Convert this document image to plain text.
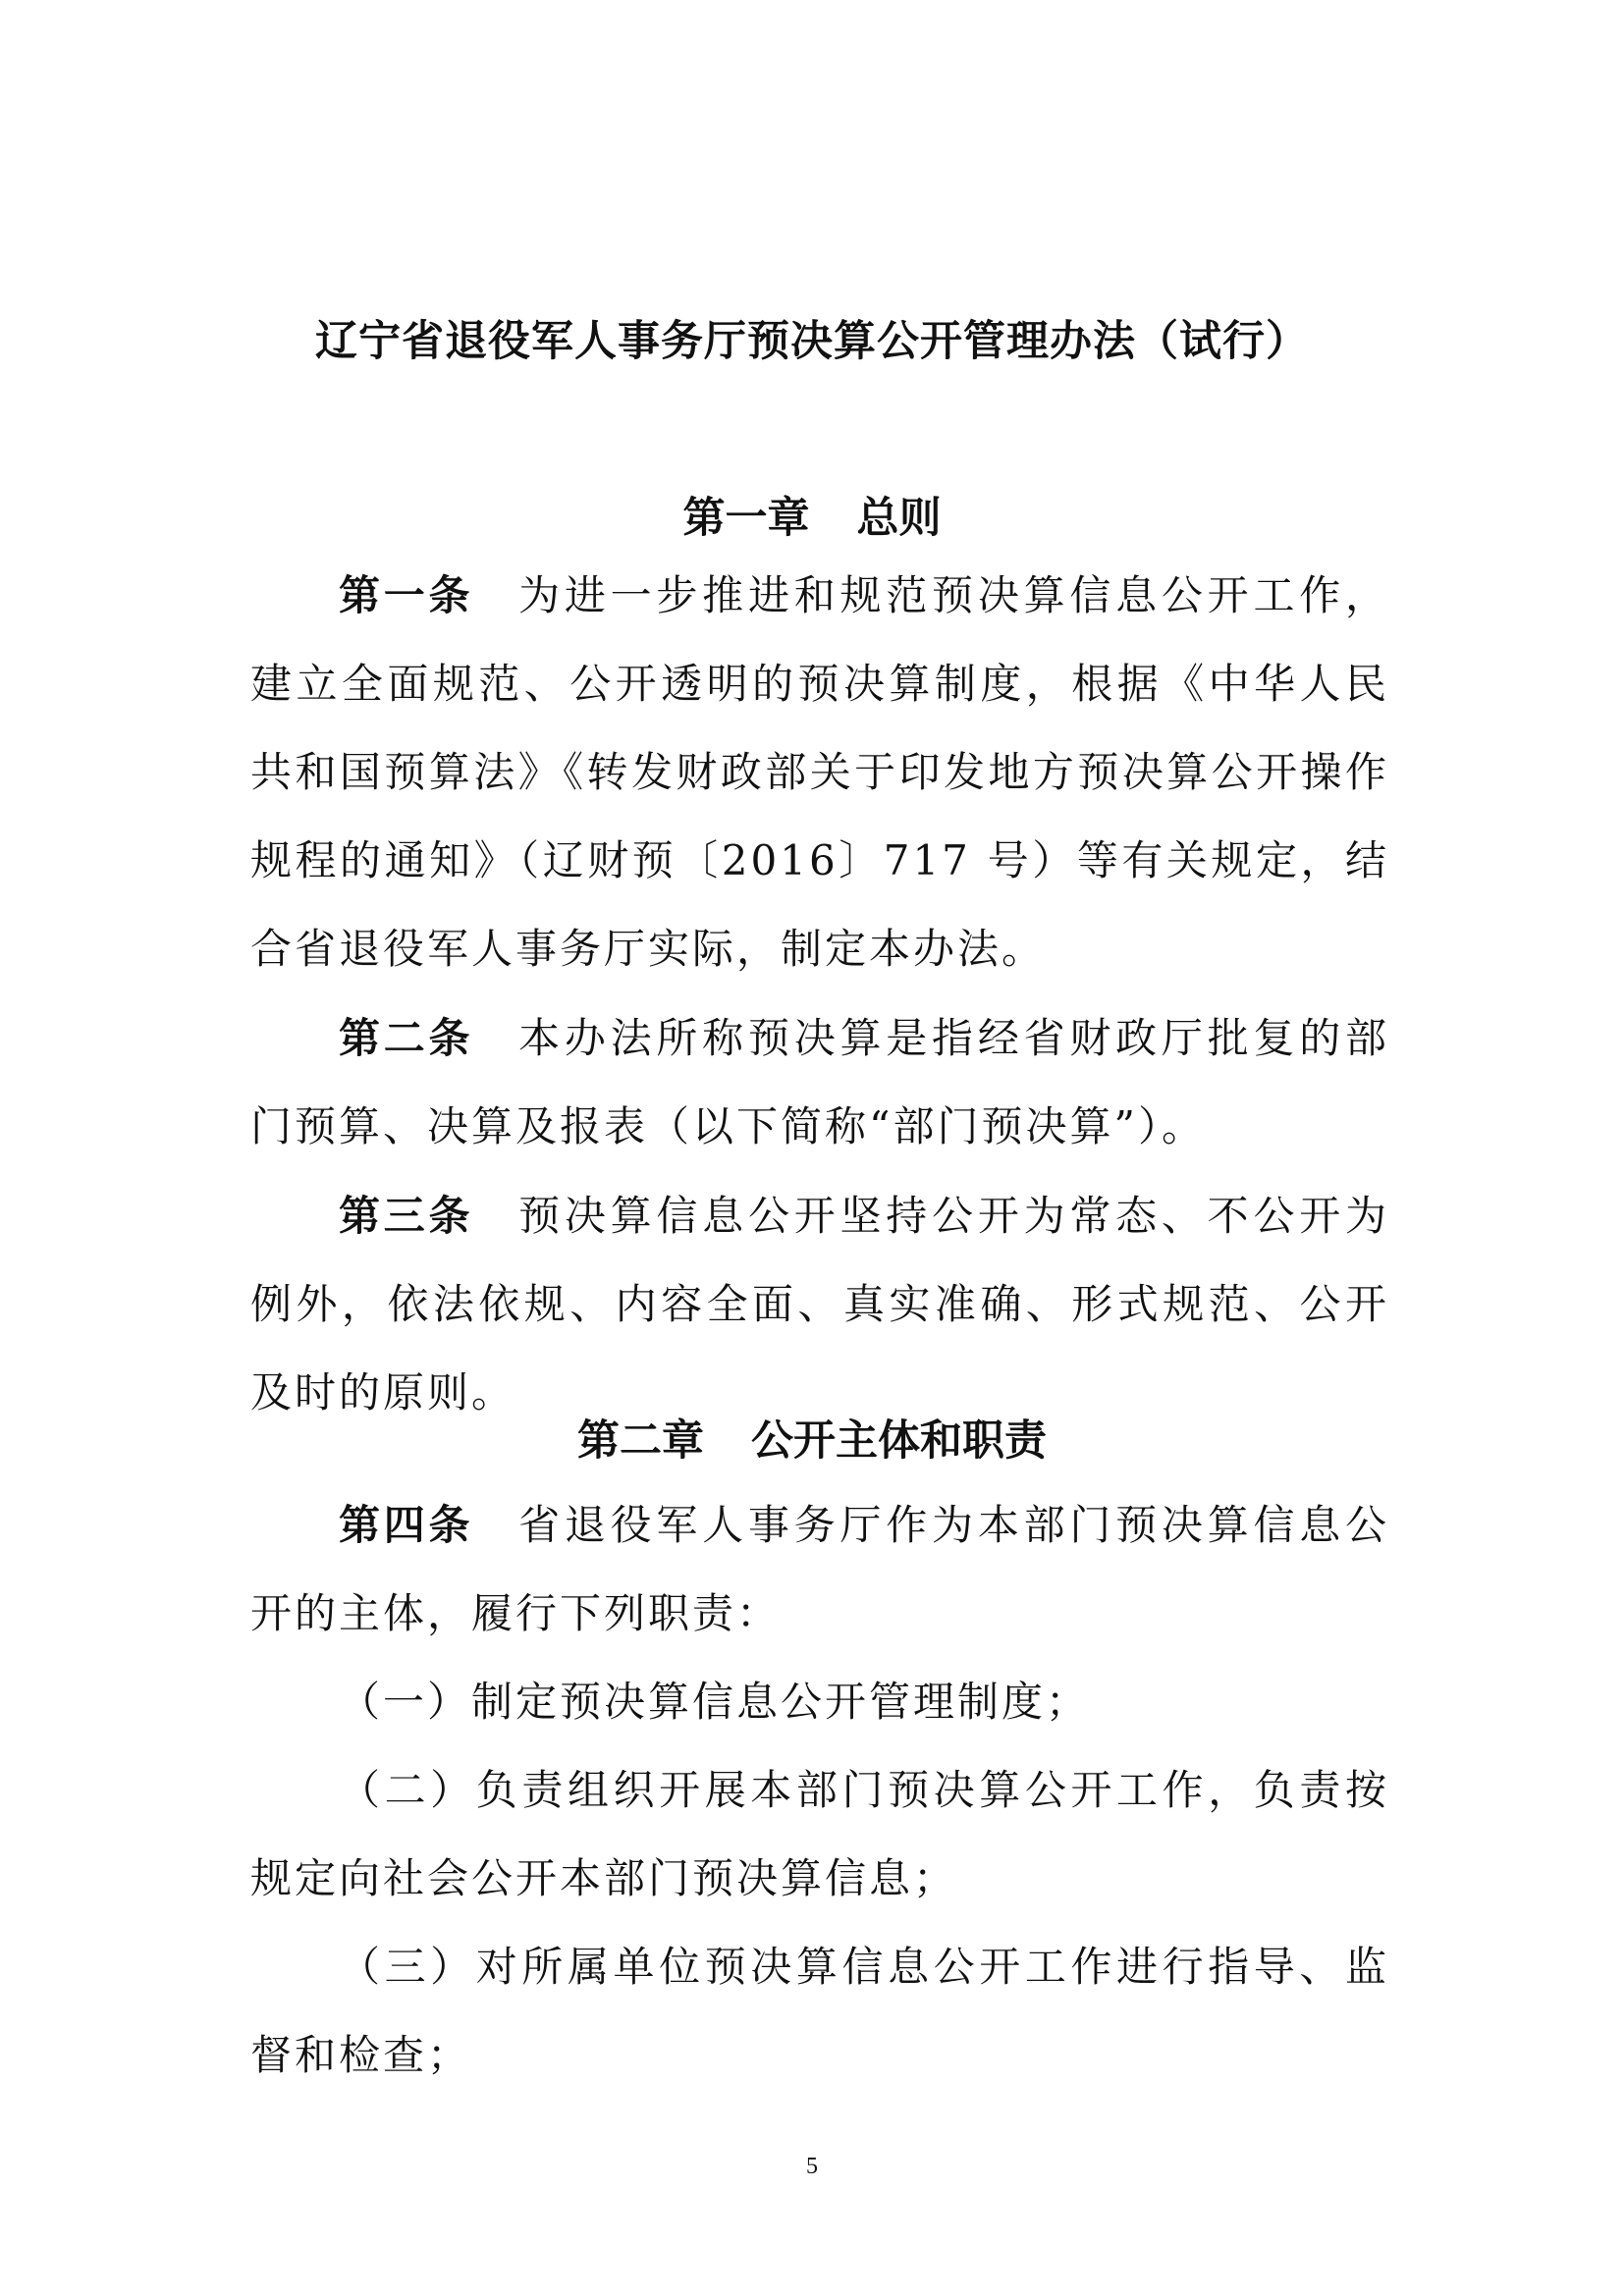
辽宁省退役军人事务厅预决算公开管理办法（试行）
第一章 总则

第一条 为进一步推进和规范预决算信息公开工作，建立全面规范、公开透明的预决算制度，根据《中华人民共和国预算法》《转发财政部关于印发地方预决算公开操作规程的通知》（辽财预〔2016〕717 号）等有关规定，结合省退役军人事务厅实际，制定本办法。

第二条 本办法所称预决算是指经省财政厅批复的部门预算、决算及报表（以下简称“部门预决算”）。

第三条 预决算信息公开坚持公开为常态、不公开为例外，依法依规、内容全面、真实准确、形式规范、公开及时的原则。

第二章 公开主体和职责

第四条 省退役军人事务厅作为本部门预决算信息公开的主体，履行下列职责：

（一）制定预决算信息公开管理制度；

（二）负责组织开展本部门预决算公开工作，负责按规定向社会公开本部门预决算信息；

（三）对所属单位预决算信息公开工作进行指导、监督和检查；

5
